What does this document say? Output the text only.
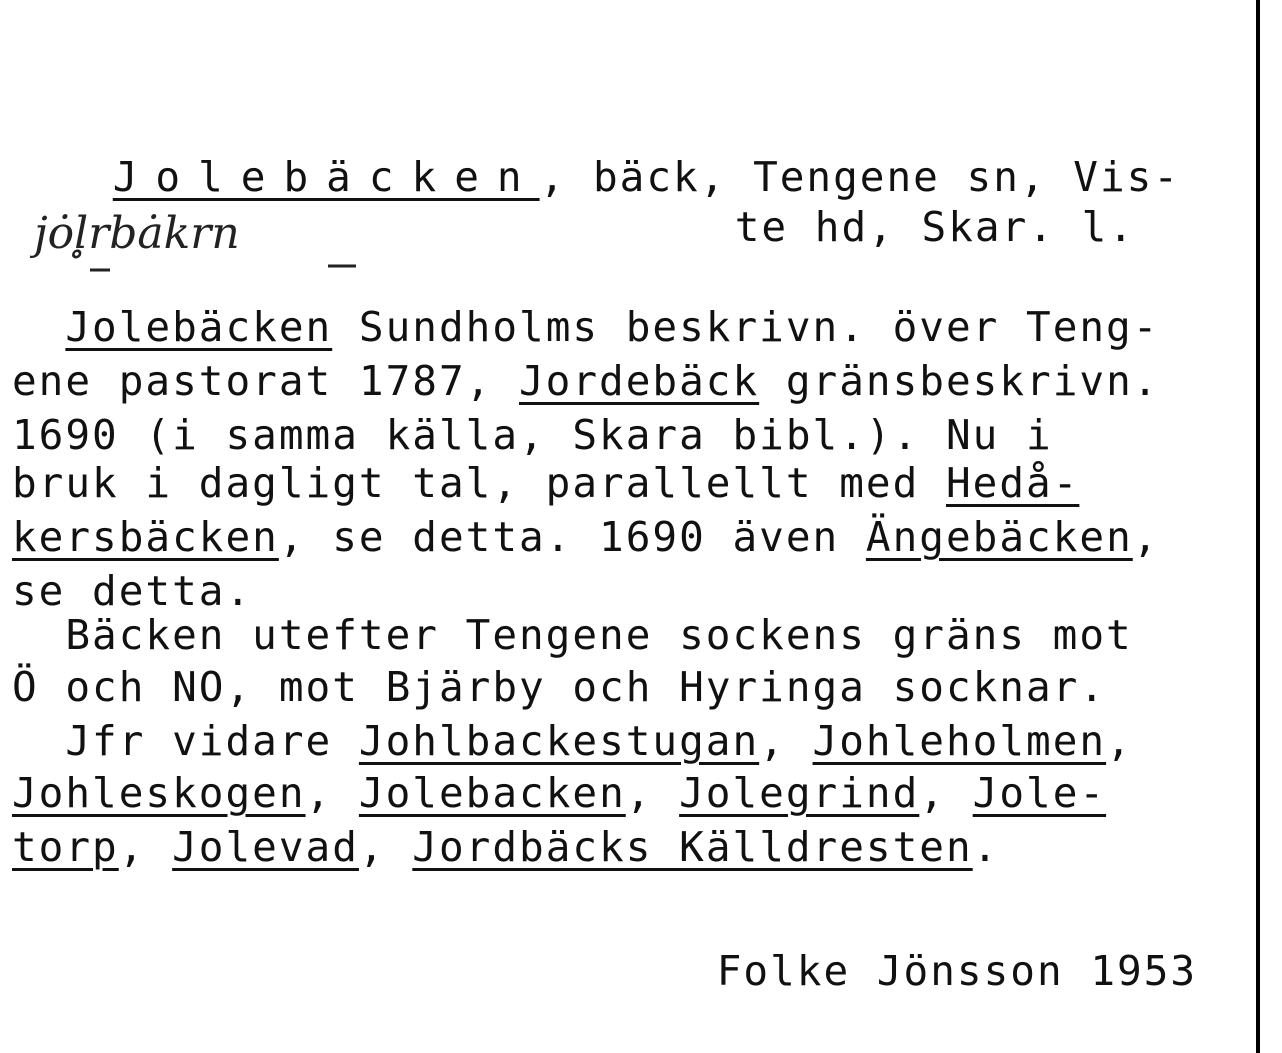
Jolebäcken, bäck, Tengene sn, Vis-

te hd, Skar. l.

jȯl̥rbȧkrn
Jolebäcken Sundholms beskrivn. över Teng-
ene pastorat 1787, Jordebäck gränsbeskrivn.
1690 (i samma källa, Skara bibl.). Nu i
bruk i dagligt tal, parallellt med Hedå-
kersbäcken, se detta. 1690 även Ängebäcken,
se detta.
Bäcken utefter Tengene sockens gräns mot
Ö och NO, mot Bjärby och Hyringa socknar.
Jfr vidare Johlbackestugan, Johleholmen,
Johleskogen, Jolebacken, Jolegrind, Jole-
torp, Jolevad, Jordbäcks Källdresten.

Folke Jönsson 1953
